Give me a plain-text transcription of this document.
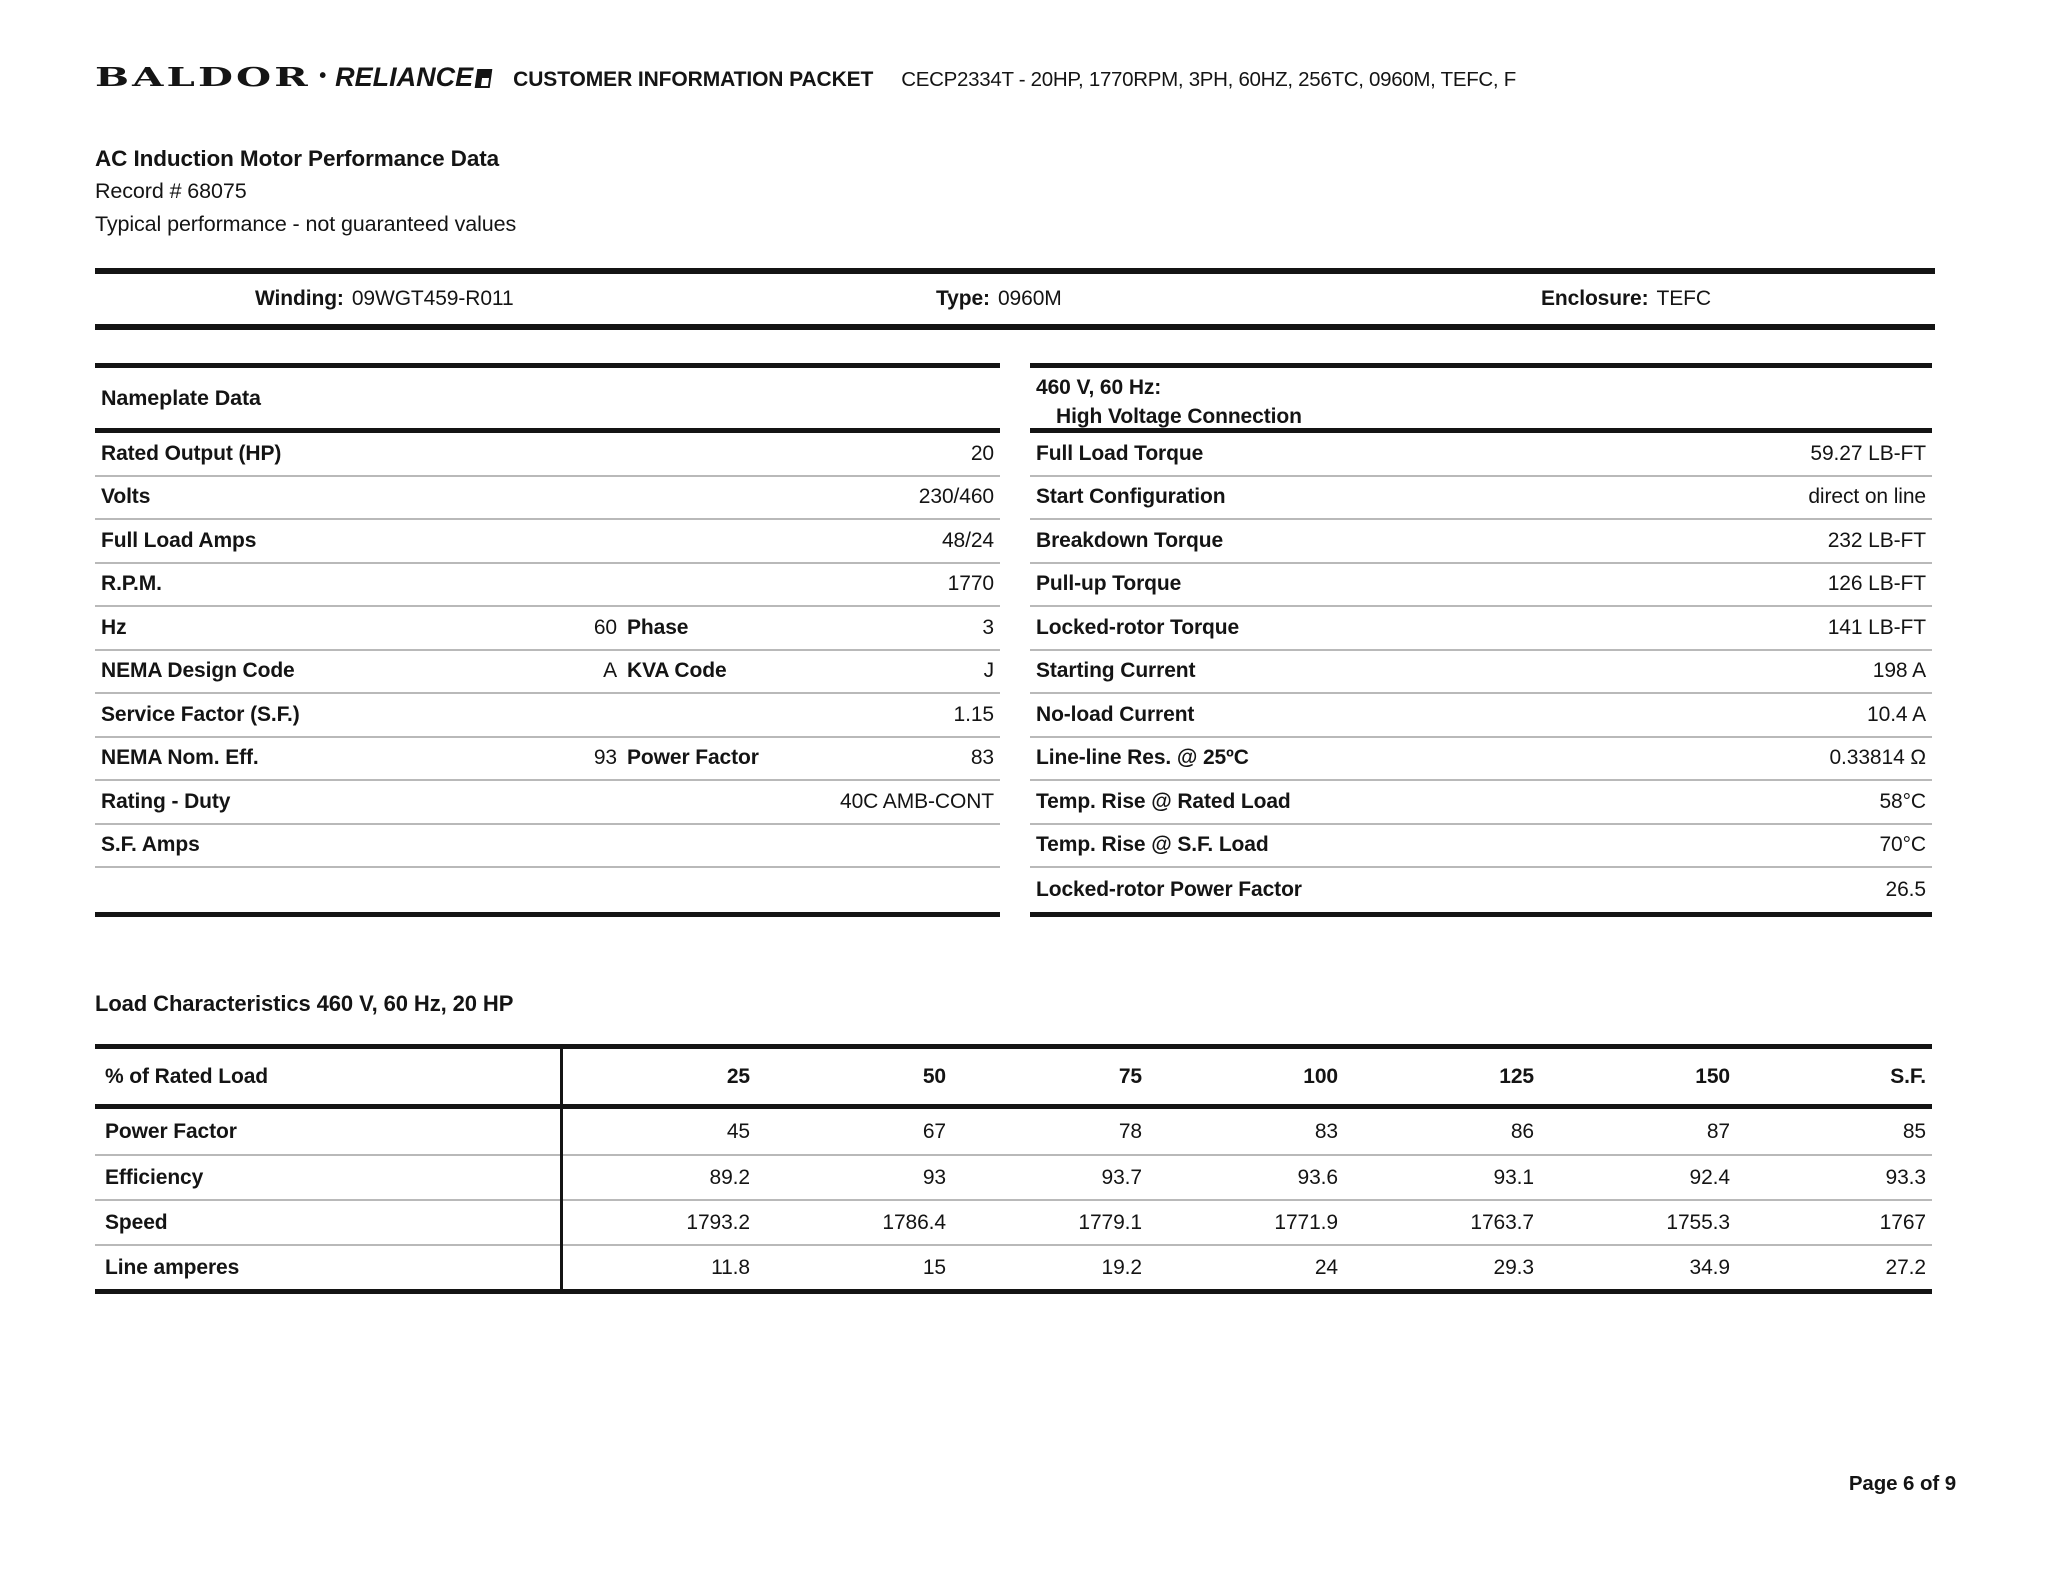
BALDOR • RELIANCE CUSTOMER INFORMATION PACKET CECP2334T - 20HP, 1770RPM, 3PH, 60HZ, 256TC, 0960M, TEFC, F
AC Induction Motor Performance Data
Record # 68075
Typical performance - not guaranteed values
Winding: 09WGT459-R011	Type: 0960M	Enclosure: TEFC
Nameplate Data
Rated Output (HP)	20
Volts	230/460
Full Load Amps	48/24
R.P.M.	1770
Hz	60 Phase	3
NEMA Design Code	A KVA Code	J
Service Factor (S.F.)	1.15
NEMA Nom. Eff.	93 Power Factor	83
Rating - Duty	40C AMB-CONT
S.F. Amps
460 V, 60 Hz:
High Voltage Connection
Full Load Torque	59.27 LB-FT
Start Configuration	direct on line
Breakdown Torque	232 LB-FT
Pull-up Torque	126 LB-FT
Locked-rotor Torque	141 LB-FT
Starting Current	198 A
No-load Current	10.4 A
Line-line Res. @ 25ºC	0.33814 Ω
Temp. Rise @ Rated Load	58°C
Temp. Rise @ S.F. Load	70°C
Locked-rotor Power Factor	26.5
Load Characteristics 460 V, 60 Hz, 20 HP
% of Rated Load	25	50	75	100	125	150	S.F.
Power Factor	45	67	78	83	86	87	85
Efficiency	89.2	93	93.7	93.6	93.1	92.4	93.3
Speed	1793.2	1786.4	1779.1	1771.9	1763.7	1755.3	1767
Line amperes	11.8	15	19.2	24	29.3	34.9	27.2
Page 6 of 9
